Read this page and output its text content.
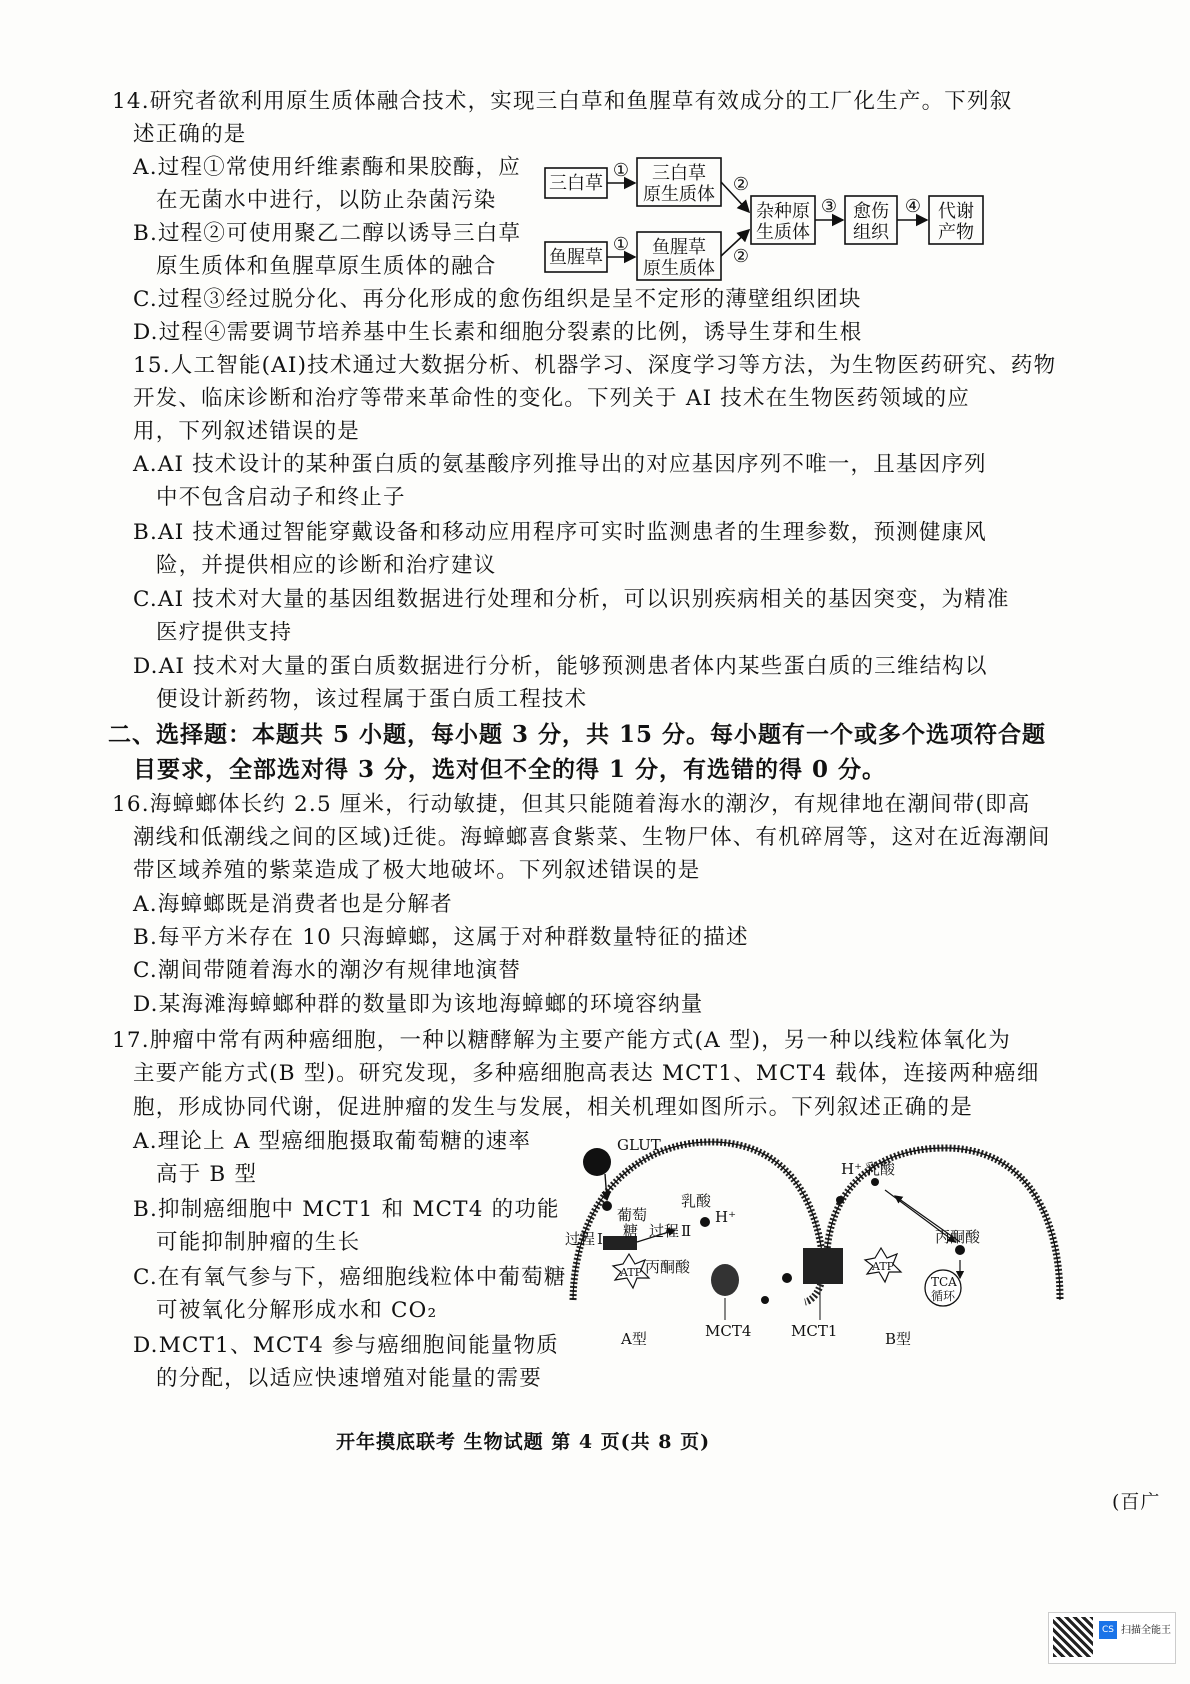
14.研究者欲利用原生质体融合技术，实现三白草和鱼腥草有效成分的工厂化生产。下列叙
述正确的是
A.过程①常使用纤维素酶和果胶酶，应
在无菌水中进行，以防止杂菌污染
B.过程②可使用聚乙二醇以诱导三白草
原生质体和鱼腥草原生质体的融合
C.过程③经过脱分化、再分化形成的愈伤组织是呈不定形的薄壁组织团块
D.过程④需要调节培养基中生长素和细胞分裂素的比例，诱导生芽和生根
三白草
鱼腥草
三白草
原生质体
鱼腥草
原生质体
杂种原
生质体
愈伤
组织
代谢
产物
①
①
②
②
③	④
15.人工智能(AI)技术通过大数据分析、机器学习、深度学习等方法，为生物医药研究、药物
开发、临床诊断和治疗等带来革命性的变化。下列关于 AI 技术在生物医药领域的应
用，下列叙述错误的是
A.AI 技术设计的某种蛋白质的氨基酸序列推导出的对应基因序列不唯一，且基因序列
中不包含启动子和终止子
B.AI 技术通过智能穿戴设备和移动应用程序可实时监测患者的生理参数，预测健康风
险，并提供相应的诊断和治疗建议
C.AI 技术对大量的基因组数据进行处理和分析，可以识别疾病相关的基因突变，为精准
医疗提供支持
D.AI 技术对大量的蛋白质数据进行分析，能够预测患者体内某些蛋白质的三维结构以
便设计新药物，该过程属于蛋白质工程技术
二、选择题：本题共 5 小题，每小题 3 分，共 15 分。每小题有一个或多个选项符合题
目要求，全部选对得 3 分，选对但不全的得 1 分，有选错的得 0 分。
16.海蟑螂体长约 2.5 厘米，行动敏捷，但其只能随着海水的潮汐，有规律地在潮间带(即高
潮线和低潮线之间的区域)迁徙。海蟑螂喜食紫菜、生物尸体、有机碎屑等，这对在近海潮间
带区域养殖的紫菜造成了极大地破坏。下列叙述错误的是
A.海蟑螂既是消费者也是分解者
B.每平方米存在 10 只海蟑螂，这属于对种群数量特征的描述
C.潮间带随着海水的潮汐有规律地演替
D.某海滩海蟑螂种群的数量即为该地海蟑螂的环境容纳量
17.肿瘤中常有两种癌细胞，一种以糖酵解为主要产能方式(A 型)，另一种以线粒体氧化为
主要产能方式(B 型)。研究发现，多种癌细胞高表达 MCT1、MCT4 载体，连接两种癌细
胞，形成协同代谢，促进肿瘤的发生与发展，相关机理如图所示。下列叙述正确的是
A.理论上 A 型癌细胞摄取葡萄糖的速率
高于 B 型
B.抑制癌细胞中 MCT1 和 MCT4 的功能
可能抑制肿瘤的生长
C.在有氧气参与下，癌细胞线粒体中葡萄糖
可被氧化分解形成水和 CO₂
D.MCT1、MCT4 参与癌细胞间能量物质
的分配，以适应快速增殖对能量的需要
GLUT
葡萄
糖
过程 Ⅰ	过程 Ⅱ
乳酸
H⁺
丙酮酸
ATP
MCT4	MCT1
A型
H⁺ 乳酸
丙酮酸
ATP
TCA
循环
B型
开年摸底联考 生物试题 第 4 页(共 8 页)
(百广
CS 扫描全能王
